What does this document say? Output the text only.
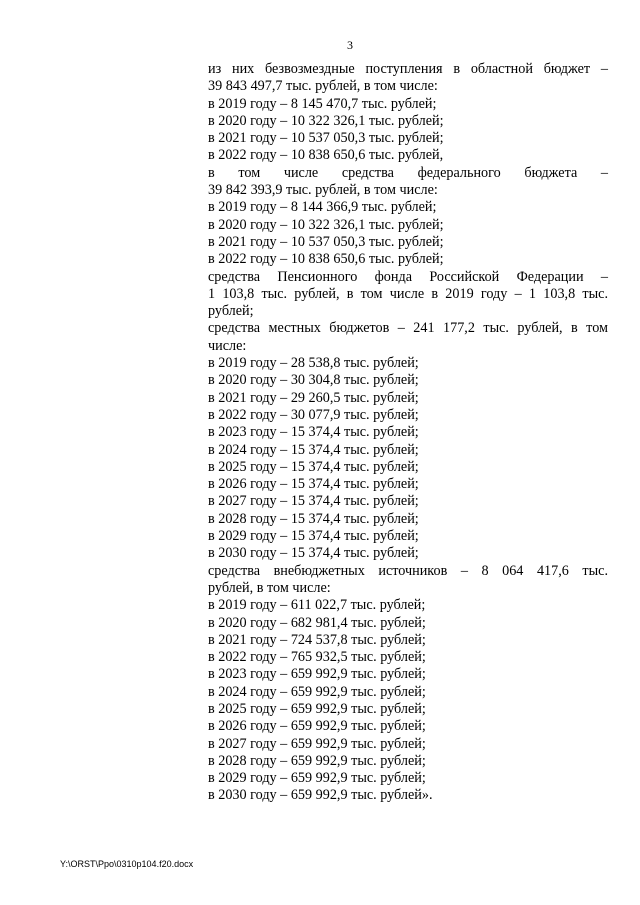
3
из них безвозмездные поступления в областной бюджет –
39 843 497,7 тыс. рублей, в том числе:
в 2019 году – 8 145 470,7 тыс. рублей;
в 2020 году – 10 322 326,1 тыс. рублей;
в 2021 году – 10 537 050,3 тыс. рублей;
в 2022 году – 10 838 650,6 тыс. рублей,
в том числе средства федерального бюджета –
39 842 393,9 тыс. рублей, в том числе:
в 2019 году – 8 144 366,9 тыс. рублей;
в 2020 году – 10 322 326,1 тыс. рублей;
в 2021 году – 10 537 050,3 тыс. рублей;
в 2022 году – 10 838 650,6 тыс. рублей;
средства Пенсионного фонда Российской Федерации –
1 103,8 тыс. рублей, в том числе в 2019 году – 1 103,8 тыс.
рублей;
средства местных бюджетов – 241 177,2 тыс. рублей, в том
числе:
в 2019 году – 28 538,8 тыс. рублей;
в 2020 году – 30 304,8 тыс. рублей;
в 2021 году – 29 260,5 тыс. рублей;
в 2022 году – 30 077,9 тыс. рублей;
в 2023 году – 15 374,4 тыс. рублей;
в 2024 году – 15 374,4 тыс. рублей;
в 2025 году – 15 374,4 тыс. рублей;
в 2026 году – 15 374,4 тыс. рублей;
в 2027 году – 15 374,4 тыс. рублей;
в 2028 году – 15 374,4 тыс. рублей;
в 2029 году – 15 374,4 тыс. рублей;
в 2030 году – 15 374,4 тыс. рублей;
средства внебюджетных источников – 8 064 417,6 тыс.
рублей, в том числе:
в 2019 году – 611 022,7 тыс. рублей;
в 2020 году – 682 981,4 тыс. рублей;
в 2021 году – 724 537,8 тыс. рублей;
в 2022 году – 765 932,5 тыс. рублей;
в 2023 году – 659 992,9 тыс. рублей;
в 2024 году – 659 992,9 тыс. рублей;
в 2025 году – 659 992,9 тыс. рублей;
в 2026 году – 659 992,9 тыс. рублей;
в 2027 году – 659 992,9 тыс. рублей;
в 2028 году – 659 992,9 тыс. рублей;
в 2029 году – 659 992,9 тыс. рублей;
в 2030 году – 659 992,9 тыс. рублей».
Y:\ORST\Ppo\0310p104.f20.docx
